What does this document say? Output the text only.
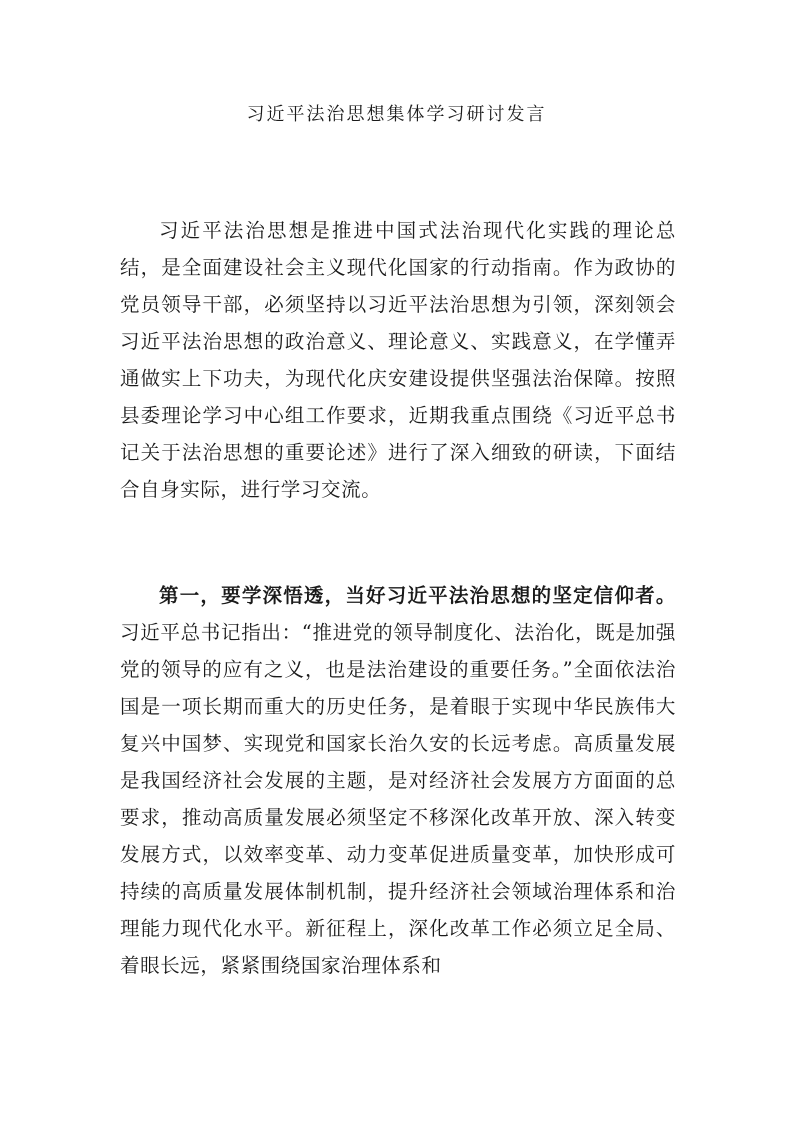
习近平法治思想集体学习研讨发言

习近平法治思想是推进中国式法治现代化实践的理论总结，是全面建设社会主义现代化国家的行动指南。作为政协的党员领导干部，必须坚持以习近平法治思想为引领，深刻领会习近平法治思想的政治意义、理论意义、实践意义，在学懂弄通做实上下功夫，为现代化庆安建设提供坚强法治保障。按照县委理论学习中心组工作要求，近期我重点围绕《习近平总书记关于法治思想的重要论述》进行了深入细致的研读，下面结合自身实际，进行学习交流。

第一，要学深悟透，当好习近平法治思想的坚定信仰者。习近平总书记指出：“推进党的领导制度化、法治化，既是加强党的领导的应有之义，也是法治建设的重要任务。”全面依法治国是一项长期而重大的历史任务，是着眼于实现中华民族伟大复兴中国梦、实现党和国家长治久安的长远考虑。高质量发展是我国经济社会发展的主题，是对经济社会发展方方面面的总要求，推动高质量发展必须坚定不移深化改革开放、深入转变发展方式，以效率变革、动力变革促进质量变革，加快形成可持续的高质量发展体制机制，提升经济社会领域治理体系和治理能力现代化水平。新征程上，深化改革工作必须立足全局、着眼长远，紧紧围绕国家治理体系和
